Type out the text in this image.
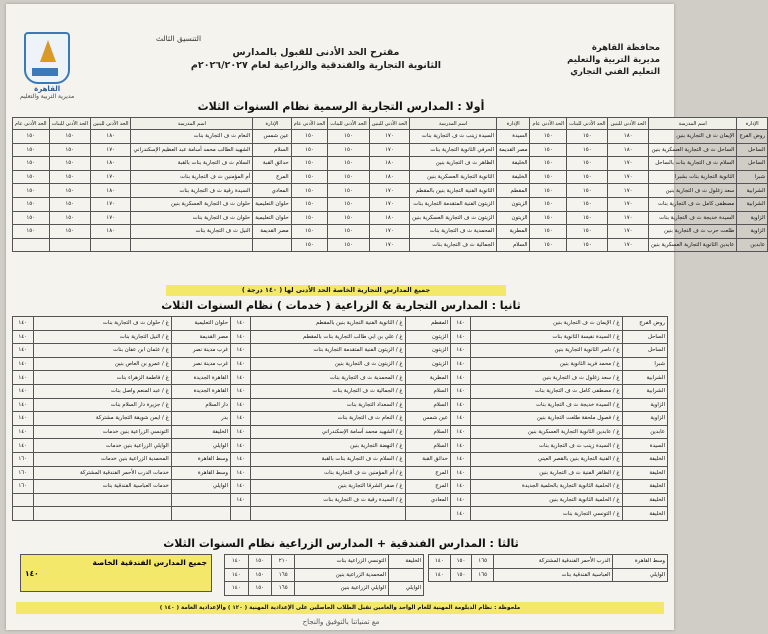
محافظة القاهرة
مديرية التربية والتعليم
التعليم الفني التجاري
القاهرة
مديرية التربية والتعليم
التنسيق الثالث
مقترح الحد الأدنى للقبول بالمدارس
الثانوية التجارية والفندقية والزراعية لعام ٢٠٢٦/٢٠٢٧م
أولا : المدارس التجارية الرسمية نظام السنوات الثلاث
الإدارة	اسم المدرسة	الحد الأدنى للبنين	الحد الأدنى للبنات	الحد الأدنى عام	الإدارة	اسم المدرسة	الحد الأدنى للبنين	الحد الأدنى للبنات	الحد الأدنى عام	الإدارة	اسم المدرسة	الحد الأدنى للبنين	الحد الأدنى للبنات	الحد الأدنى عام
روض الفرج	الإيمان ث ف التجارية بنين	١٨٠	١٥٠	١٥٠	السيدة	السيدة زينب ث ف التجارية بنات	١٧٠	١٥٠	١٥٠	عين شمس	النعام ث ف التجارية بنات	١٨٠	١٥٠	١٥٠
الساحل	الساحل ث ف التجارية العسكرية بنين	١٨٠	١٥٠	١٥٠	مصر القديمة	الحرفي الثانوية التجارية بنات	١٧٠	١٥٠	١٥٠	السلام	الشهيد الطالب محمد أسامة عبد العظيم الإسكندراني	١٧٠	١٥٠	١٥٠
الساحل	السلام ث ف التجارية بنات بالساحل	١٧٠	١٥٠	١٥٠	الخليفة	الظاهر ث ف التجارية بنين	١٨٠	١٥٠	١٥٠	حدائق القبة	السلام ث ف التجارية بنات بالقبة	١٨٠	١٥٠	١٥٠
شبرا	الثانوية التجارية بنات بشبرا	١٧٠	١٥٠	١٥٠	الخليفة	الثانوية التجارية العسكرية بنين	١٨٠	١٥٠	١٥٠	المرج	أم المؤمنين ث ف التجارية بنات	١٧٠	١٥٠	١٥٠
الشرابية	سعد زغلول ث ف التجارية بنين	١٧٠	١٥٠	١٥٠	المقطم	الثانوية الفنية التجارية بنين بالمقطم	١٧٠	١٥٠	١٥٠	المعادي	السيدة رقية ث ف التجارية بنات	١٨٠	١٥٠	١٥٠
الشرابية	مصطفى كامل ث ف التجارية بنات	١٧٠	١٥٠	١٥٠	الزيتون	الزيتون الفنية المتقدمة التجارية بنات	١٧٠	١٥٠	١٥٠	حلوان التعليمية	حلوان ث ف التجارية العسكرية بنين	١٧٠	١٥٠	١٥٠
الزاوية	السيدة خديجة ث ف التجارية بنات	١٧٠	١٥٠	١٥٠	الزيتون	الزيتون ث ف التجارية العسكرية بنين	١٨٠	١٥٠	١٥٠	حلوان التعليمية	حلوان ث ف التجارية بنات	١٧٠	١٥٠	١٥٠
الزاوية	طلعت حرب ث ف التجارية بنين	١٧٠	١٥٠	١٥٠	المطرية	المحمدية ث ف التجارية بنات	١٧٠	١٥٠	١٥٠	مصر القديمة	النيل ث ف التجارية بنات	١٨٠	١٥٠	١٥٠
عابدين	عابدين الثانوية التجارية العسكرية بنين	١٧٠	١٥٠	١٥٠	السلام	الجمالية ث ف التجارية بنات	١٧٠	١٥٠	١٥٠					
جميع المدارس التجارية الخاصة الحد الأدنى لها ( ١٤٠ درجة )
ثانيا : المدارس التجارية & الزراعية ( خدمات ) نظام السنوات الثلاث
روض الفرج	غ / الإيمان ث ف التجارية بنين	١٤٠	المقطم	غ / الثانوية الفنية التجارية بنين بالمقطم	١٤٠	حلوان التعليمية	غ / حلوان ث ف التجارية بنات	١٤٠
الساحل	غ / السيدة نفيسة الثانوية بنات	١٤٠	الزيتون	غ / علي بن ابي طالب التجارية بنات بالمقطم	١٤٠	مصر القديمة	غ / النيل التجارية بنات	١٤٠
الساحل	غ / ناصر الثانوية التجارية بنين	١٤٠	الزيتون	غ / الزيتون الفنية المتقدمة التجارية بنات	١٤٠	غرب مدينة نصر	غ / عثمان ابن عفان بنات	١٤٠
شبرا	غ / محمد فريد الثانوية بنين	١٤٠	الزيتون	غ / الزيتون ث ف التجارية بنين	١٤٠	غرب مدينة نصر	غ / عمرو بن العاص بنين	١٤٠
الشرابية	غ / سعد زغلول ث ف التجارية بنين	١٤٠	المطرية	غ / المحمدية ث ف التجارية بنات	١٤٠	القاهرة الجديدة	غ / فاطمة الزهراء بنات	١٤٠
الشرابية	غ / مصطفى كامل ث ف التجارية بنات	١٤٠	السلام	غ / الجمالية ث ف التجارية بنات	١٤٠	القاهرة الجديدة	غ / عبد المنعم واصل بنات	١٤٠
الزاوية	غ / السيدة خديجة ث ف التجارية بنات	١٤٠	السلام	غ / السعداد التجارية بنات	١٤٠	دار السلام	غ / جزيرة دار السلام بنات	١٤٠
الزاوية	غ / فصول ملحقة طلعت التجارية بنين	١٤٠	عين شمس	غ / النعام ث ف التجارية بنات	١٤٠	بدر	غ / ايمن شويقة التجارية مشتركة	١٤٠
عابدين	غ / عابدين الثانوية التجارية العسكرية بنين	١٤٠	السلام	غ / الشهيد محمد أسامة الإسكندراني	١٤٠	الخليفة	التونسي الزراعية بنين خدمات	١٤٠
السيدة	غ / السيدة زينب ث ف التجارية بنات	١٤٠	السلام	غ / النهضة التجارية بنين	١٤٠	الوايلي	الوايلي الزراعية بنين خدمات	١٤٠
الخليفة	غ / الفنية التجارية بنين بالقصر العيني	١٤٠	حدائق القبة	غ / السلام ث ف التجارية بنات بالقبة	١٤٠	وسط القاهرة	المحمدية الزراعية بنين خدمات	١٦٠
الخليفة	غ / الظاهر الفنية ث ف التجارية بنين	١٤٠	المرج	غ / أم المؤمنين ث ف التجارية بنات	١٤٠	وسط القاهرة	خدمات الدرب الأحمر الفندقية المشتركة	١٦٠
الخليفة	غ / الحلمية الثانوية التجارية بالحلمية الجديدة	١٤٠	المرج	غ / صقر الشرقا التجارية بنين	١٤٠	الوايلي	خدمات العباسية الفندقية بنات	١٦٠
الخليفة	غ / الحلمية الثانوية التجارية بنين	١٤٠	المعادي	غ / السيدة رقية ث ف التجارية بنات	١٤٠			
الخليفة	غ / التونسي التجارية بنات	١٤٠						
ثالثا : المدارس الفندقية + المدارس الزراعية نظام السنوات الثلاث
وسط القاهرة	الدرب الأحمر الفندقية المشتركة	١٦٥	١٥٠	١٤٠
الوايلي	العباسية الفندقية بنات	١٦٥	١٥٠	١٤٠
الخليفة	التونسي الزراعية بنات	٢١٠	١٥٠	١٤٠
	المحمدية الزراعية بنين	١٦٥	١٥٠	١٤٠
الوايلي	الوايلي الزراعية بنين	١٦٥	١٥٠	١٤٠
جميع المدارس الفندقية الخاصة
١٤٠
ملحوظة : نظام الدبلومة المهنية للعام الواحد والعامين تقبل الطلاب الحاصلين على الإعدادية المهنية ( ١٢٠ ) والإعدادية العامة ( ١٤٠ )
مع تمنياتنا بالتوفيق والنجاح
